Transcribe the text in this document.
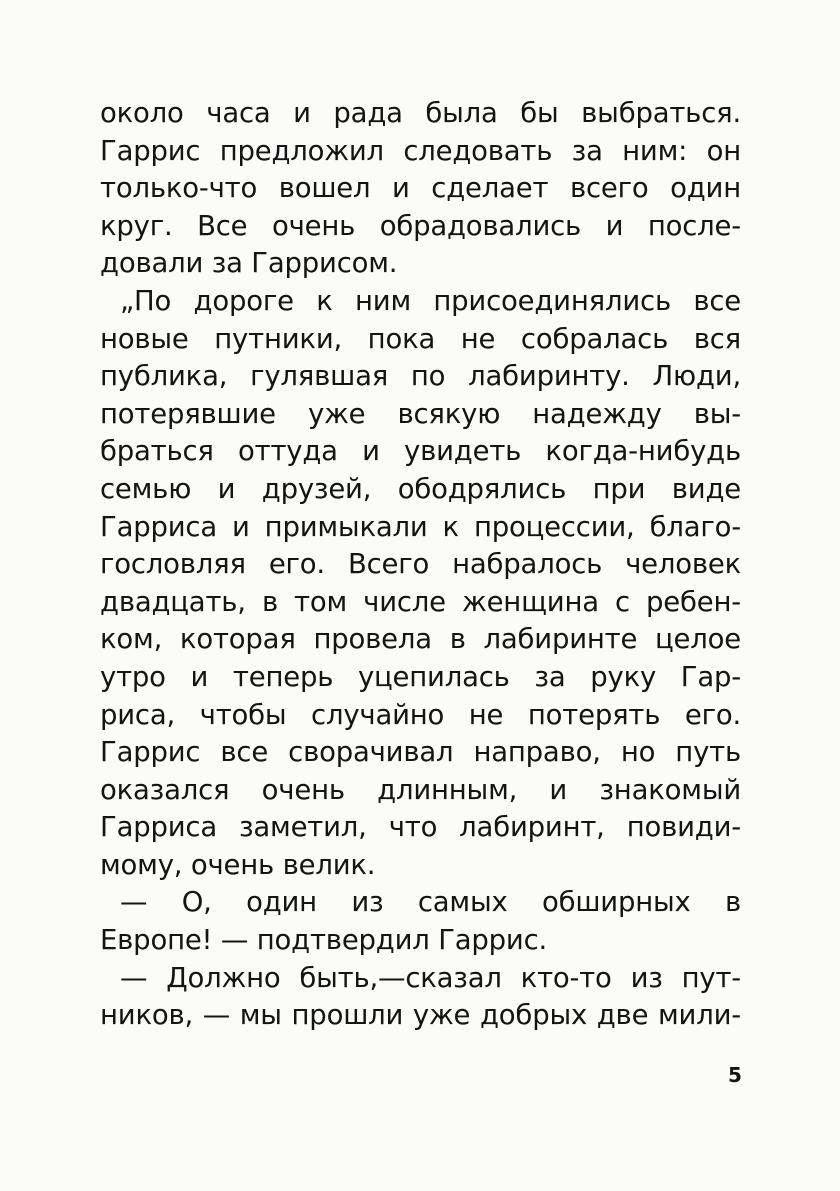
около часа и рада была бы выбраться.
Гаррис предложил следовать за ним: он
только-что вошел и сделает всего один
круг. Все очень обрадовались и после-
довали за Гаррисом.
„По дороге к ним присоединялись все
новые путники, пока не собралась вся
публика, гулявшая по лабиринту. Люди,
потерявшие уже всякую надежду вы-
браться оттуда и увидеть когда-нибудь
семью и друзей, ободрялись при виде
Гарриса и примыкали к процессии, благо-
гословляя его. Всего набралось человек
двадцать, в том числе женщина с ребен-
ком, которая провела в лабиринте целое
утро и теперь уцепилась за руку Гар-
риса, чтобы случайно не потерять его.
Гаррис все сворачивал направо, но путь
оказался очень длинным, и знакомый
Гарриса заметил, что лабиринт, повиди-
мому, очень велик.
— О, один из самых обширных в
Европе! — подтвердил Гаррис.
— Должно быть,—сказал кто-то из пут-
ников, — мы прошли уже добрых две мили-
5
